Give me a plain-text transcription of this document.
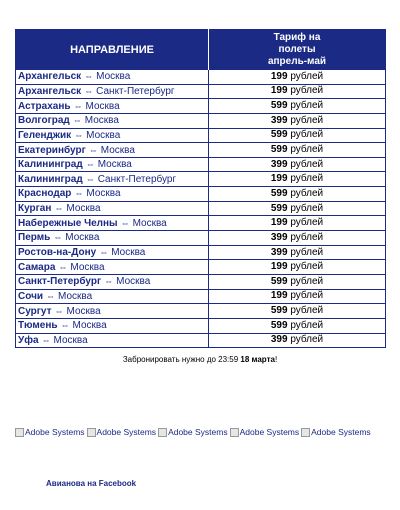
НАПРАВЛЕНИЕ	Тариф на
полеты
апрель-май
Архангельск ⇔ Москва	199 рублей
Архангельск ⇔ Санкт-Петербург	199 рублей
Астрахань ⇔ Москва	599 рублей
Волгоград ⇔ Москва	399 рублей
Геленджик ⇔ Москва	599 рублей
Екатеринбург ⇔ Москва	599 рублей
Калининград ⇔ Москва	399 рублей
Калининград ⇔ Санкт-Петербург	199 рублей
Краснодар ⇔ Москва	599 рублей
Курган ⇔ Москва	599 рублей
Набережные Челны ⇔ Москва	199 рублей
Пермь ⇔ Москва	399 рублей
Ростов-на-Дону ⇔ Москва	399 рублей
Самара ⇔ Москва	199 рублей
Санкт-Петербург ⇔ Москва	599 рублей
Сочи ⇔ Москва	199 рублей
Сургут ⇔ Москва	599 рублей
Тюмень ⇔ Москва	599 рублей
Уфа ⇔ Москва	399 рублей
Забронировать нужно до 23:59 18 марта!
Adobe Systems Adobe Systems Adobe Systems Adobe Systems Adobe Systems
Авианова на Facebook
